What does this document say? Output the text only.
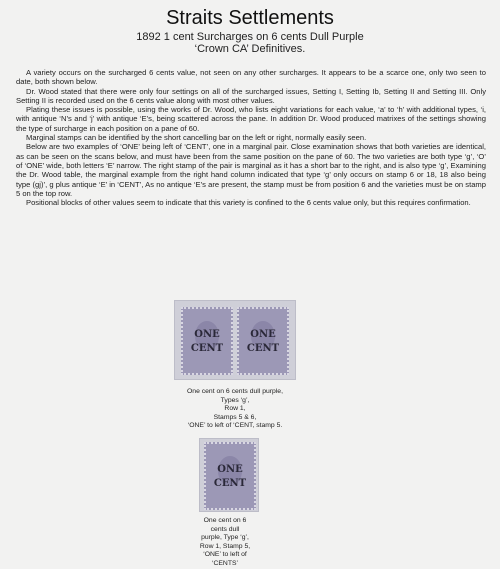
Straits Settlements
1892 1 cent Surcharges on 6 cents Dull Purple
‘Crown CA’ Definitives.

A variety occurs on the surcharged 6 cents value, not seen on any other surcharges. It appears to be a scarce one, only two seen to date, both shown below.

Dr. Wood stated that there were only four settings on all of the surcharged issues, Setting I, Setting Ib, Setting II and Setting III. Only Setting II is recorded used on the 6 cents value along with most other values.

Plating these issues is possible, using the works of Dr. Wood, who lists eight variations for each value, ‘a’ to ‘h’ with additional types, ‘i, with antique ‘N’s and ‘j’ with antique ‘E’s, being scattered across the pane. In addition Dr. Wood produced matrixes of the settings showing the type of surcharge in each position on a pane of 60.

Marginal stamps can be identified by the short cancelling bar on the left or right, normally easily seen.

Below are two examples of ‘ONE’ being left of ‘CENT’, one in a marginal pair. Close examination shows that both varieties are identical, as can be seen on the scans below, and must have been from the same position on the pane of 60. The two varieties are both type ‘g’, ‘O’ of ‘ONE’ wide, both letters ‘E’ narrow. The right stamp of the pair is marginal as it has a short bar to the right, and is also type ‘g’, Examining the Dr. Wood table, the marginal example from the right hand column indicated that type ‘g’ only occurs on stamp 6 or 18, 18 also being type (gj)’, g plus antique ‘E’ in ‘CENT’, As no antique ‘E’s are present, the stamp must be from position 6 and the varieties must be on stamp 5 on the top row.

Positional blocks of other values seem to indicate that this variety is confined to the 6 cents value only, but this requires confirmation.

ONE
CENT
ONE
CENT
One cent on 6 cents dull purple,
Types ‘g’,
Row 1,
Stamps 5 & 6,
‘ONE’ to left of ‘CENT, stamp 5.
ONE
CENT
One cent on 6
cents dull
purple, Type ‘g’,
Row 1, Stamp 5,
‘ONE’ to left of
‘CENTS’
